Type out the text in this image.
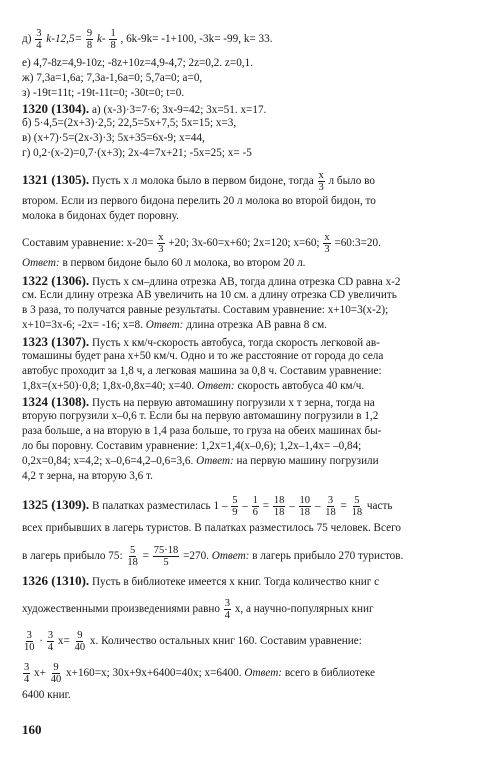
$д) \frac{3}{4} k-12,5= \frac{9}{8} k- \frac{1}{8}$ , 6k-9k= -1+100, -3k= -99, k= 33.
е) 4,7-8z=4,9-10z; -8z+10z=4,9-4,7; 2z=0,2. z=0,1.
ж) 7,3a=1,6a; 7,3a-1,6a=0; 5,7a=0; a=0,
з) -19t=11t; -19t-11t=0; -30t=0; t=0.
1320 (1304). а) (x-3)·3=7·6; 3x-9=42; 3x=51. x=17.
б) 5·4,5=(2x+3)·2,5; 22,5=5x+7,5; 5x=15; x=3,
в) (x+7)·5=(2x-3)·3; 5x+35=6x-9; x=44,
г) 0,2·(x-2)=0,7·(x+3); 2x-4=7x+21; -5x=25; x= -5
1321 (1305). Пусть x л молока было в первом бидоне, тогда $\frac{x}{3}$ л было во
втором. Если из первого бидона перелить 20 л молока во второй бидон, то
молока в бидонах будет поровну.
Составим уравнение: $x-20= \frac{x}{3} +20$; 3x-60=x+60; 2x=120; x=60; $\frac{x}{3}$ =60:3=20.
Ответ: в первом бидоне было 60 л молока, во втором 20 л.
1322 (1306). Пусть x см–длина отрезка AB, тогда длина отрезка CD равна x-2
см. Если длину отрезка AB увеличить на 10 см. а длину отрезка CD увеличить
в 3 раза, то получатся равные результаты. Составим уравнение: x+10=3(x-2);
x+10=3x-6; -2x= -16; x=8. Ответ: длина отрезка AB равна 8 см.
1323 (1307). Пусть x км/ч-скорость автобуса, тогда скорость легковой ав-
томашины будет рана x+50 км/ч. Одно и то же расстояние от города до села
автобус проходит за 1,8 ч, а легковая машина за 0,8 ч. Составим уравнение:
1,8x=(x+50)·0,8; 1,8x-0,8x=40; x=40. Ответ: скорость автобуса 40 км/ч.
1324 (1308). Пусть на первую автомашину погрузили x т зерна, тогда на
вторую погрузили x–0,6 т. Если бы на первую автомашину погрузили в 1,2
раза больше, а на вторую в 1,4 раза больше, то груза на обеих машинах бы-
ло бы поровну. Составим уравнение: 1,2x=1,4(x–0,6); 1,2x–1,4x= –0,84;
0,2x=0,84; x=4,2; x–0,6=4,2–0,6=3,6. Ответ: на первую машину погрузили
4,2 т зерна, на вторую 3,6 т.
1325 (1309). В палатках разместилась $1 - \frac{5}{9} - \frac{1}{6} = \frac{18}{18} - \frac{10}{18} - \frac{3}{18} = \frac{5}{18}$ часть
всех прибывших в лагерь туристов. В палатках разместилось 75 человек. Всего
в лагерь прибыло 75: $\frac{5}{18} = \frac{75\cdot 18}{5} =270$. Ответ: в лагерь прибыло 270 туристов.
1326 (1310). Пусть в библиотеке имеется x книг. Тогда количество книг с
художественными произведениями равно $\frac{3}{4} x$, а научно-популярных книг
$\frac{3}{10} \cdot \frac{3}{4} x= \frac{9}{40} x$. Количество остальных книг 160. Составим уравнение:
$\frac{3}{4} x+ \frac{9}{40} x+160=x$; 30x+9x+6400=40x; x=6400. Ответ: всего в библиотеке
6400 книг.
160
